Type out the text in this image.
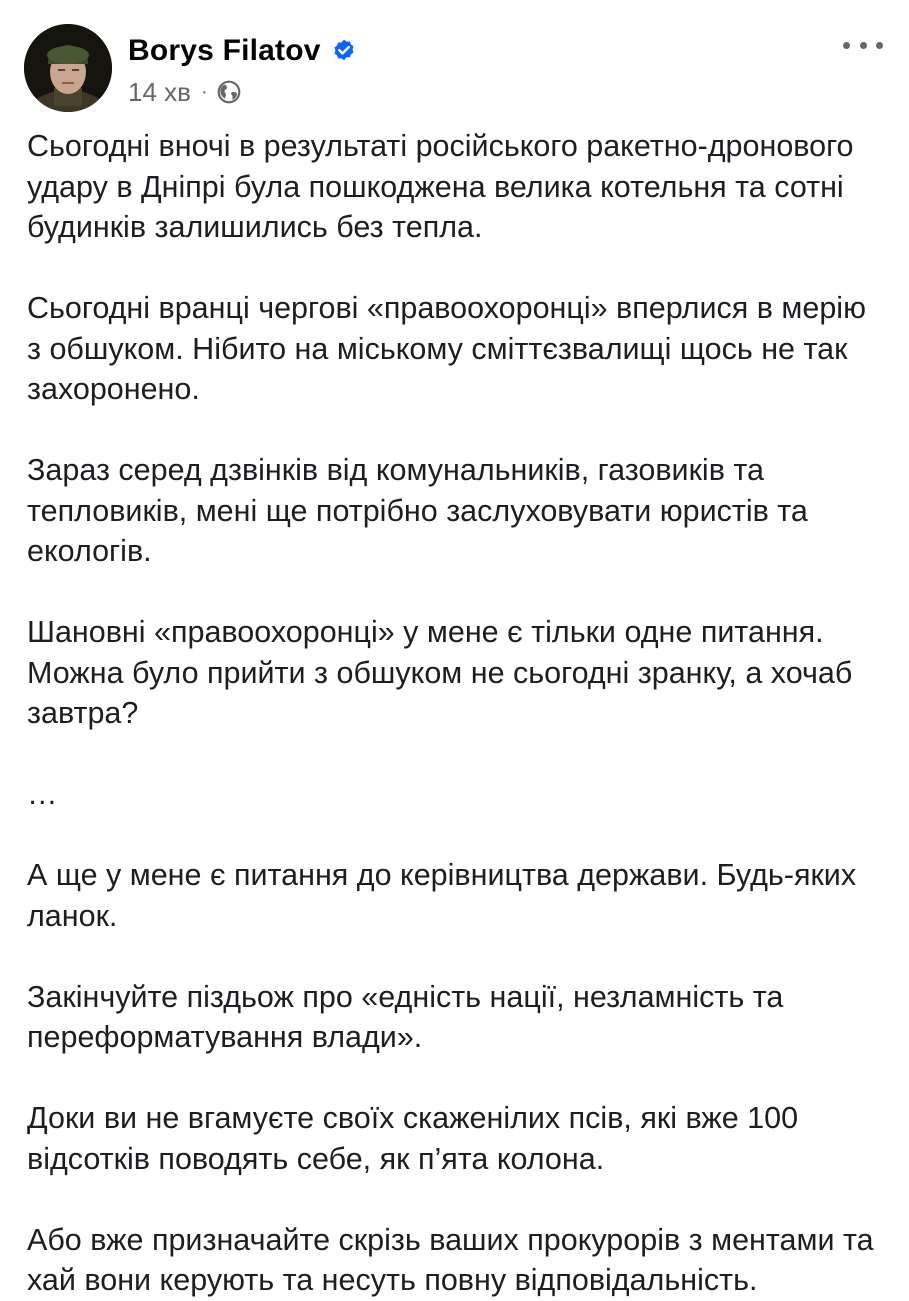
Borys Filatov
14 хв ·

Сьогодні вночі в результаті російського ракетно-дронового удару в Дніпрі була пошкоджена велика котельня та сотні будинків залишились без тепла.

Сьогодні вранці чергові «правоохоронці» вперлися в мерію з обшуком. Нібито на міському сміттєзвалищі щось не так захоронено.

Зараз серед дзвінків від комунальників, газовиків та тепловиків, мені ще потрібно заслуховувати юристів та екологів.

Шановні «правоохоронці» у мене є тільки одне питання. Можна було прийти з обшуком не сьогодні зранку, а хочаб завтра?

…

А ще у мене є питання до керівництва держави. Будь-яких ланок.

Закінчуйте піздьож про «едність нації, незламність та переформатування влади».

Доки ви не вгамуєте своїх скаженілих псів, які вже 100 відсотків поводять себе, як п’ята колона.

Або вже призначайте скрізь ваших прокурорів з ментами та хай вони керують та несуть повну відповідальність.
